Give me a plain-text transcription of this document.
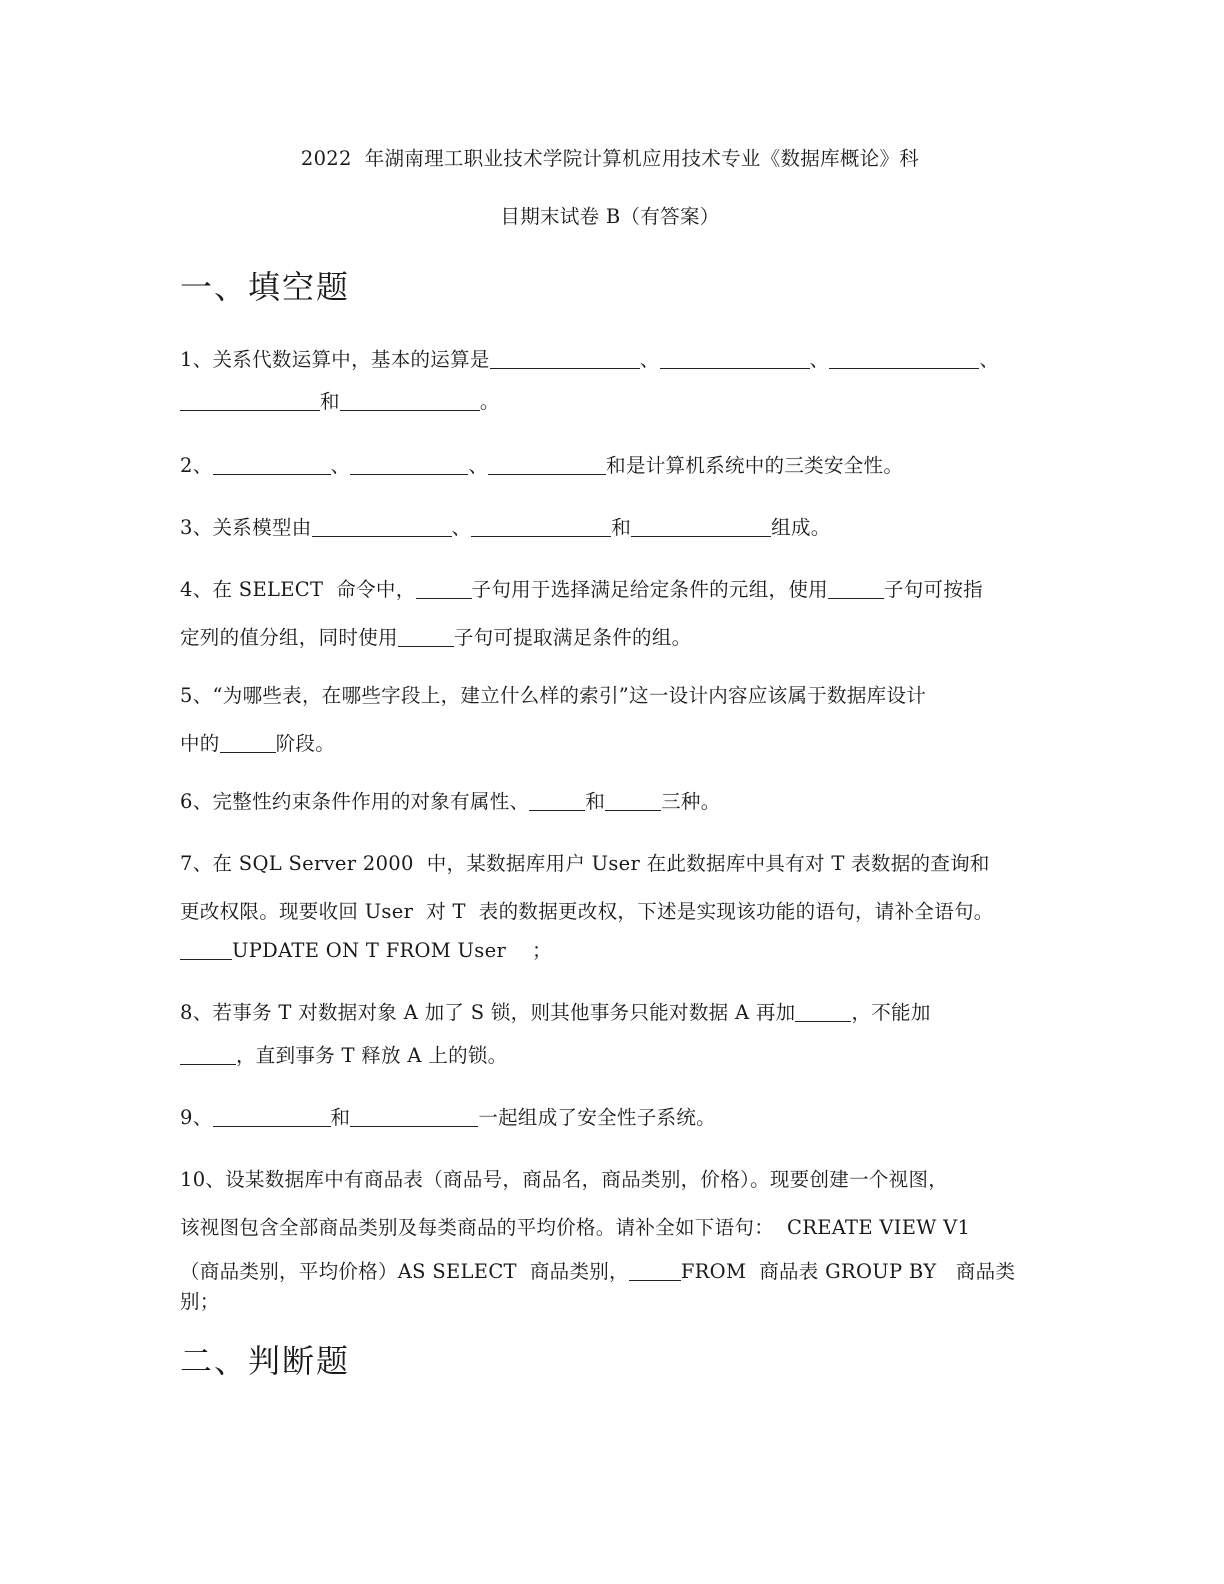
2022  年湖南理工职业技术学院计算机应用技术专业《数据库概论》科
目期末试卷 B（有答案）
一、填空题
1、关系代数运算中，基本的运算是	、	、	、
和	。
2、	、	、	和是计算机系统中的三类安全性。
3、关系模型由	、	和	组成。
4、在 SELECT  命令中，	子句用于选择满足给定条件的元组，使用	子句可按指
定列的值分组，同时使用	子句可提取满足条件的组。
5、“为哪些表，在哪些字段上，建立什么样的索引”这一设计内容应该属于数据库设计
中的	阶段。
6、完整性约束条件作用的对象有属性、	和	三种。
7、在 SQL Server 2000  中，某数据库用户 User 在此数据库中具有对 T 表数据的查询和
更改权限。现要收回 User  对 T  表的数据更改权，下述是实现该功能的语句，请补全语句。
UPDATE ON T FROM User    ；
8、若事务 T 对数据对象 A 加了 S 锁，则其他事务只能对数据 A 再加	，不能加
，直到事务 T 释放 A 上的锁。
9、	和	一起组成了安全性子系统。
10、设某数据库中有商品表（商品号，商品名，商品类别，价格）。现要创建一个视图，
该视图包含全部商品类别及每类商品的平均价格。请补全如下语句：  CREATE VIEW V1
（商品类别，平均价格）AS SELECT  商品类别，	FROM  商品表 GROUP BY   商品类
别；
二、判断题
